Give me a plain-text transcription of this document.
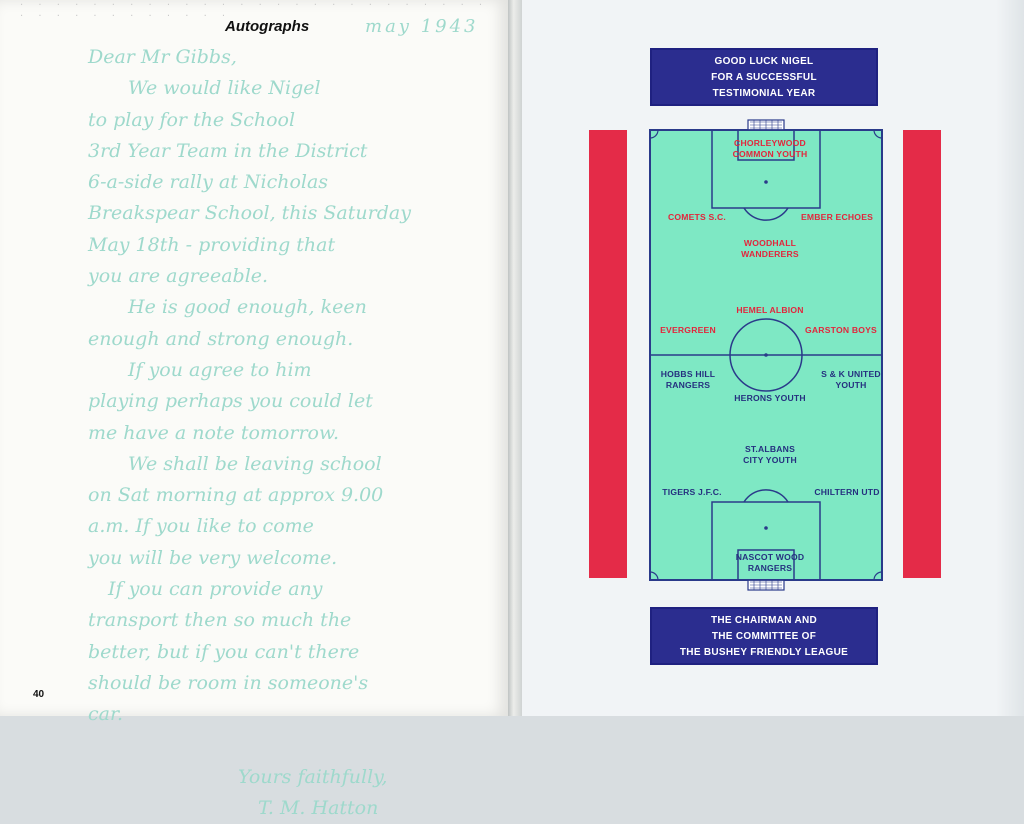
· · · · · · · · · · · · · · · · · · · · · · · · · · · · · · · · · · · · · ·
Autographs	may 1943
Dear Mr Gibbs,
We would like Nigel
to play for the School
3rd Year Team in the District
6-a-side rally at Nicholas
Breakspear School, this Saturday
May 18th - providing that
you are agreeable.
He is good enough, keen
enough and strong enough.
If you agree to him
playing perhaps you could let
me have a note tomorrow.
We shall be leaving school
on Sat morning at approx 9.00
a.m. If you like to come
you will be very welcome.
If you can provide any
transport then so much the
better, but if you can't there
should be room in someone's
car.

Yours faithfully,
T. M. Hatton
40
GOOD LUCK NIGEL
FOR A SUCCESSFUL
TESTIMONIAL YEAR
CHORLEYWOOD
COMMON YOUTH
COMETS S.C.	EMBER ECHOES
WOODHALL
WANDERERS
HEMEL ALBION
EVERGREEN	GARSTON BOYS
HOBBS HILL
RANGERS
S & K UNITED
YOUTH
HERONS YOUTH
ST.ALBANS
CITY YOUTH
TIGERS J.F.C.	CHILTERN UTD
NASCOT WOOD
RANGERS
THE CHAIRMAN AND
THE COMMITTEE OF
THE BUSHEY FRIENDLY LEAGUE
